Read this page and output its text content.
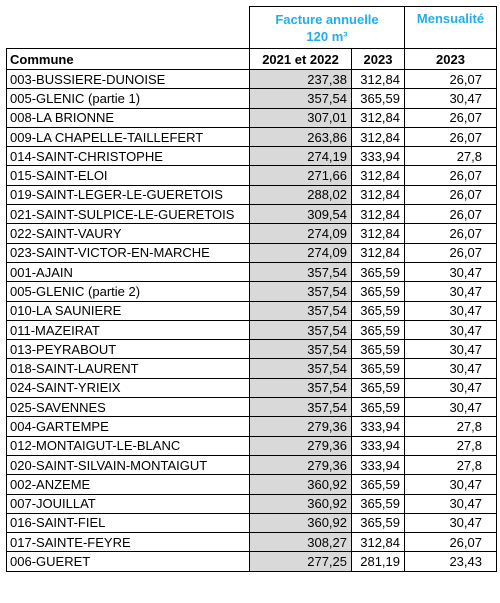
	Facture annuelle
120 m³		Mensualité
Commune	2021 et 2022	2023	2023
003-BUSSIERE-DUNOISE	237,38	312,84	26,07
005-GLENIC (partie 1)	357,54	365,59	30,47
008-LA BRIONNE	307,01	312,84	26,07
009-LA CHAPELLE-TAILLEFERT	263,86	312,84	26,07
014-SAINT-CHRISTOPHE	274,19	333,94	27,8
015-SAINT-ELOI	271,66	312,84	26,07
019-SAINT-LEGER-LE-GUERETOIS	288,02	312,84	26,07
021-SAINT-SULPICE-LE-GUERETOIS	309,54	312,84	26,07
022-SAINT-VAURY	274,09	312,84	26,07
023-SAINT-VICTOR-EN-MARCHE	274,09	312,84	26,07
001-AJAIN	357,54	365,59	30,47
005-GLENIC (partie 2)	357,54	365,59	30,47
010-LA SAUNIERE	357,54	365,59	30,47
011-MAZEIRAT	357,54	365,59	30,47
013-PEYRABOUT	357,54	365,59	30,47
018-SAINT-LAURENT	357,54	365,59	30,47
024-SAINT-YRIEIX	357,54	365,59	30,47
025-SAVENNES	357,54	365,59	30,47
004-GARTEMPE	279,36	333,94	27,8
012-MONTAIGUT-LE-BLANC	279,36	333,94	27,8
020-SAINT-SILVAIN-MONTAIGUT	279,36	333,94	27,8
002-ANZEME	360,92	365,59	30,47
007-JOUILLAT	360,92	365,59	30,47
016-SAINT-FIEL	360,92	365,59	30,47
017-SAINTE-FEYRE	308,27	312,84	26,07
006-GUERET	277,25	281,19	23,43
